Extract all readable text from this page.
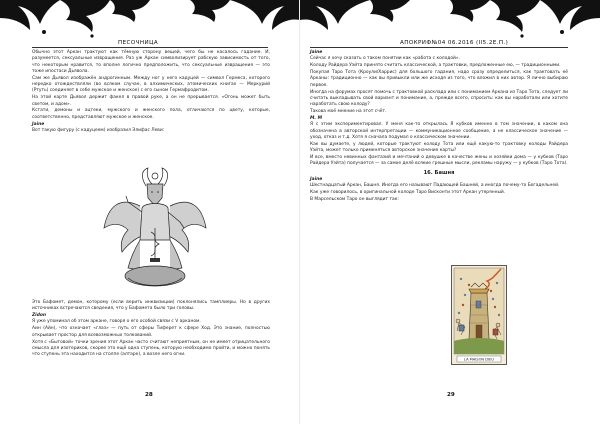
ПЕСОЧНИЦА

Обычно этот Аркан трактуют как тёмную сторону вещей, чего бы не касалось гадание. И, разумеется, сексуальные извращения. Раз уж Аркан символизирует рабскую зависимость от того, что некоторым нравится, то вполне логично предположить, что сексуальные извращения — это тоже ипостаси Дьявола.

Сам же Дьявол изображён андрогинным. Между ног у него кадуцей — символ Гермеса, которого нередко отождествляли (во всяком случае, в алхимических, атомических книгах — Меркурий (Ртуть) соединяет в себе мужское и женское) с его сыном Гермафродитом.

На этой карте Дьявол держит факел в правой руке, а он не прерывается. «Огонь может быть светом, и адом».

Кстати, демоны и ацтеки, мужского и женского пола, отличаются по цвету, которые, соответственно, представляют мужское и женское.

Jaine

Вот такую фигуру (с кадуцеем) изобразил Элифас Леви:

Это Бафомет, демон, которому (если верить инквизиции) поклонялись тамплиеры. Но в других источниках встречаются сведения, что у Бафомета было три головы.

Zidon

Я уже упоминал об этом аркане, говоря о его особой связи с V арканом.

Аин (Айн), что означает «глаз» — путь от сферы Тиферет к сфере Ход. Это знание, полностью открывает простор для всевозможных толкований.

Хотя с «Бытовой» точки зрения этот Аркан часто считают неприятным, он не имеет отрицательного смысла для изотериков, скорее это ещё одна ступень, которую необходимо пройти, и можно понять что ступень эта находится на столпе (алтаре), а возле него огни.

28
АПОКРИФ№04 06.2016 (II5.2E.П.)
Jaine

Сейчас я хочу сказать о таком понятии как «работа с колодой».

Колоду Райдера Уэйта принято считать классической, а трактовки, предложенные ею, — традиционными.

Покупая Таро Тота (Кроули/Харрис) для большого гадания, надо сразу определиться, как трактовать её Арканы: традиционно — как вы привыкли или же исходя из того, что вложил в них автор. Я лично выбираю первое.

Иногда на форумах просят помочь с трактовкой расклада или с пониманием Аркана из Таро Тота, следует ли считать выкладывать свой вариант и понимание, а, прежде всего, спросить: как вы наработали или хотите наработать свою колоду?

Такова моё мнение на этот счёт.

M. M

Я с этим экспериментировал. У меня как-то открылась Я кубков именно в том значении, в каком она обозначена в авторской интерпретации — коммуникационное сообщение, а не классическое значение — уход, отказ и т.д. Хотя я сначала подумал о классическом значении.

Как вы думаете, у людей, которые трактуют колоду Тота или ещё какую-то трактовку колоды Райдера Уэйта, может только применяться авторское значение карты?

И все, вместо невинных фантазий и мечтаний о девушке в качестве жены и хозяйки дома — у кубков (Таро Райдера Уэйта) получается — за самое делё всякие грешные мысли, рекламы наружу — у кубков (Таро Тота).

16. Башня
Jaine

Шестнадцатый Аркан, Башня. Иногда его называют Падающей Башней, а иногда почему-то Богадельней.

Как уже говорилось, в оригинальной колоде Таро Висконти этот Аркан утерянный.

В Марсельском Таро он выглядит так:

LA MAISON DIEU
29
